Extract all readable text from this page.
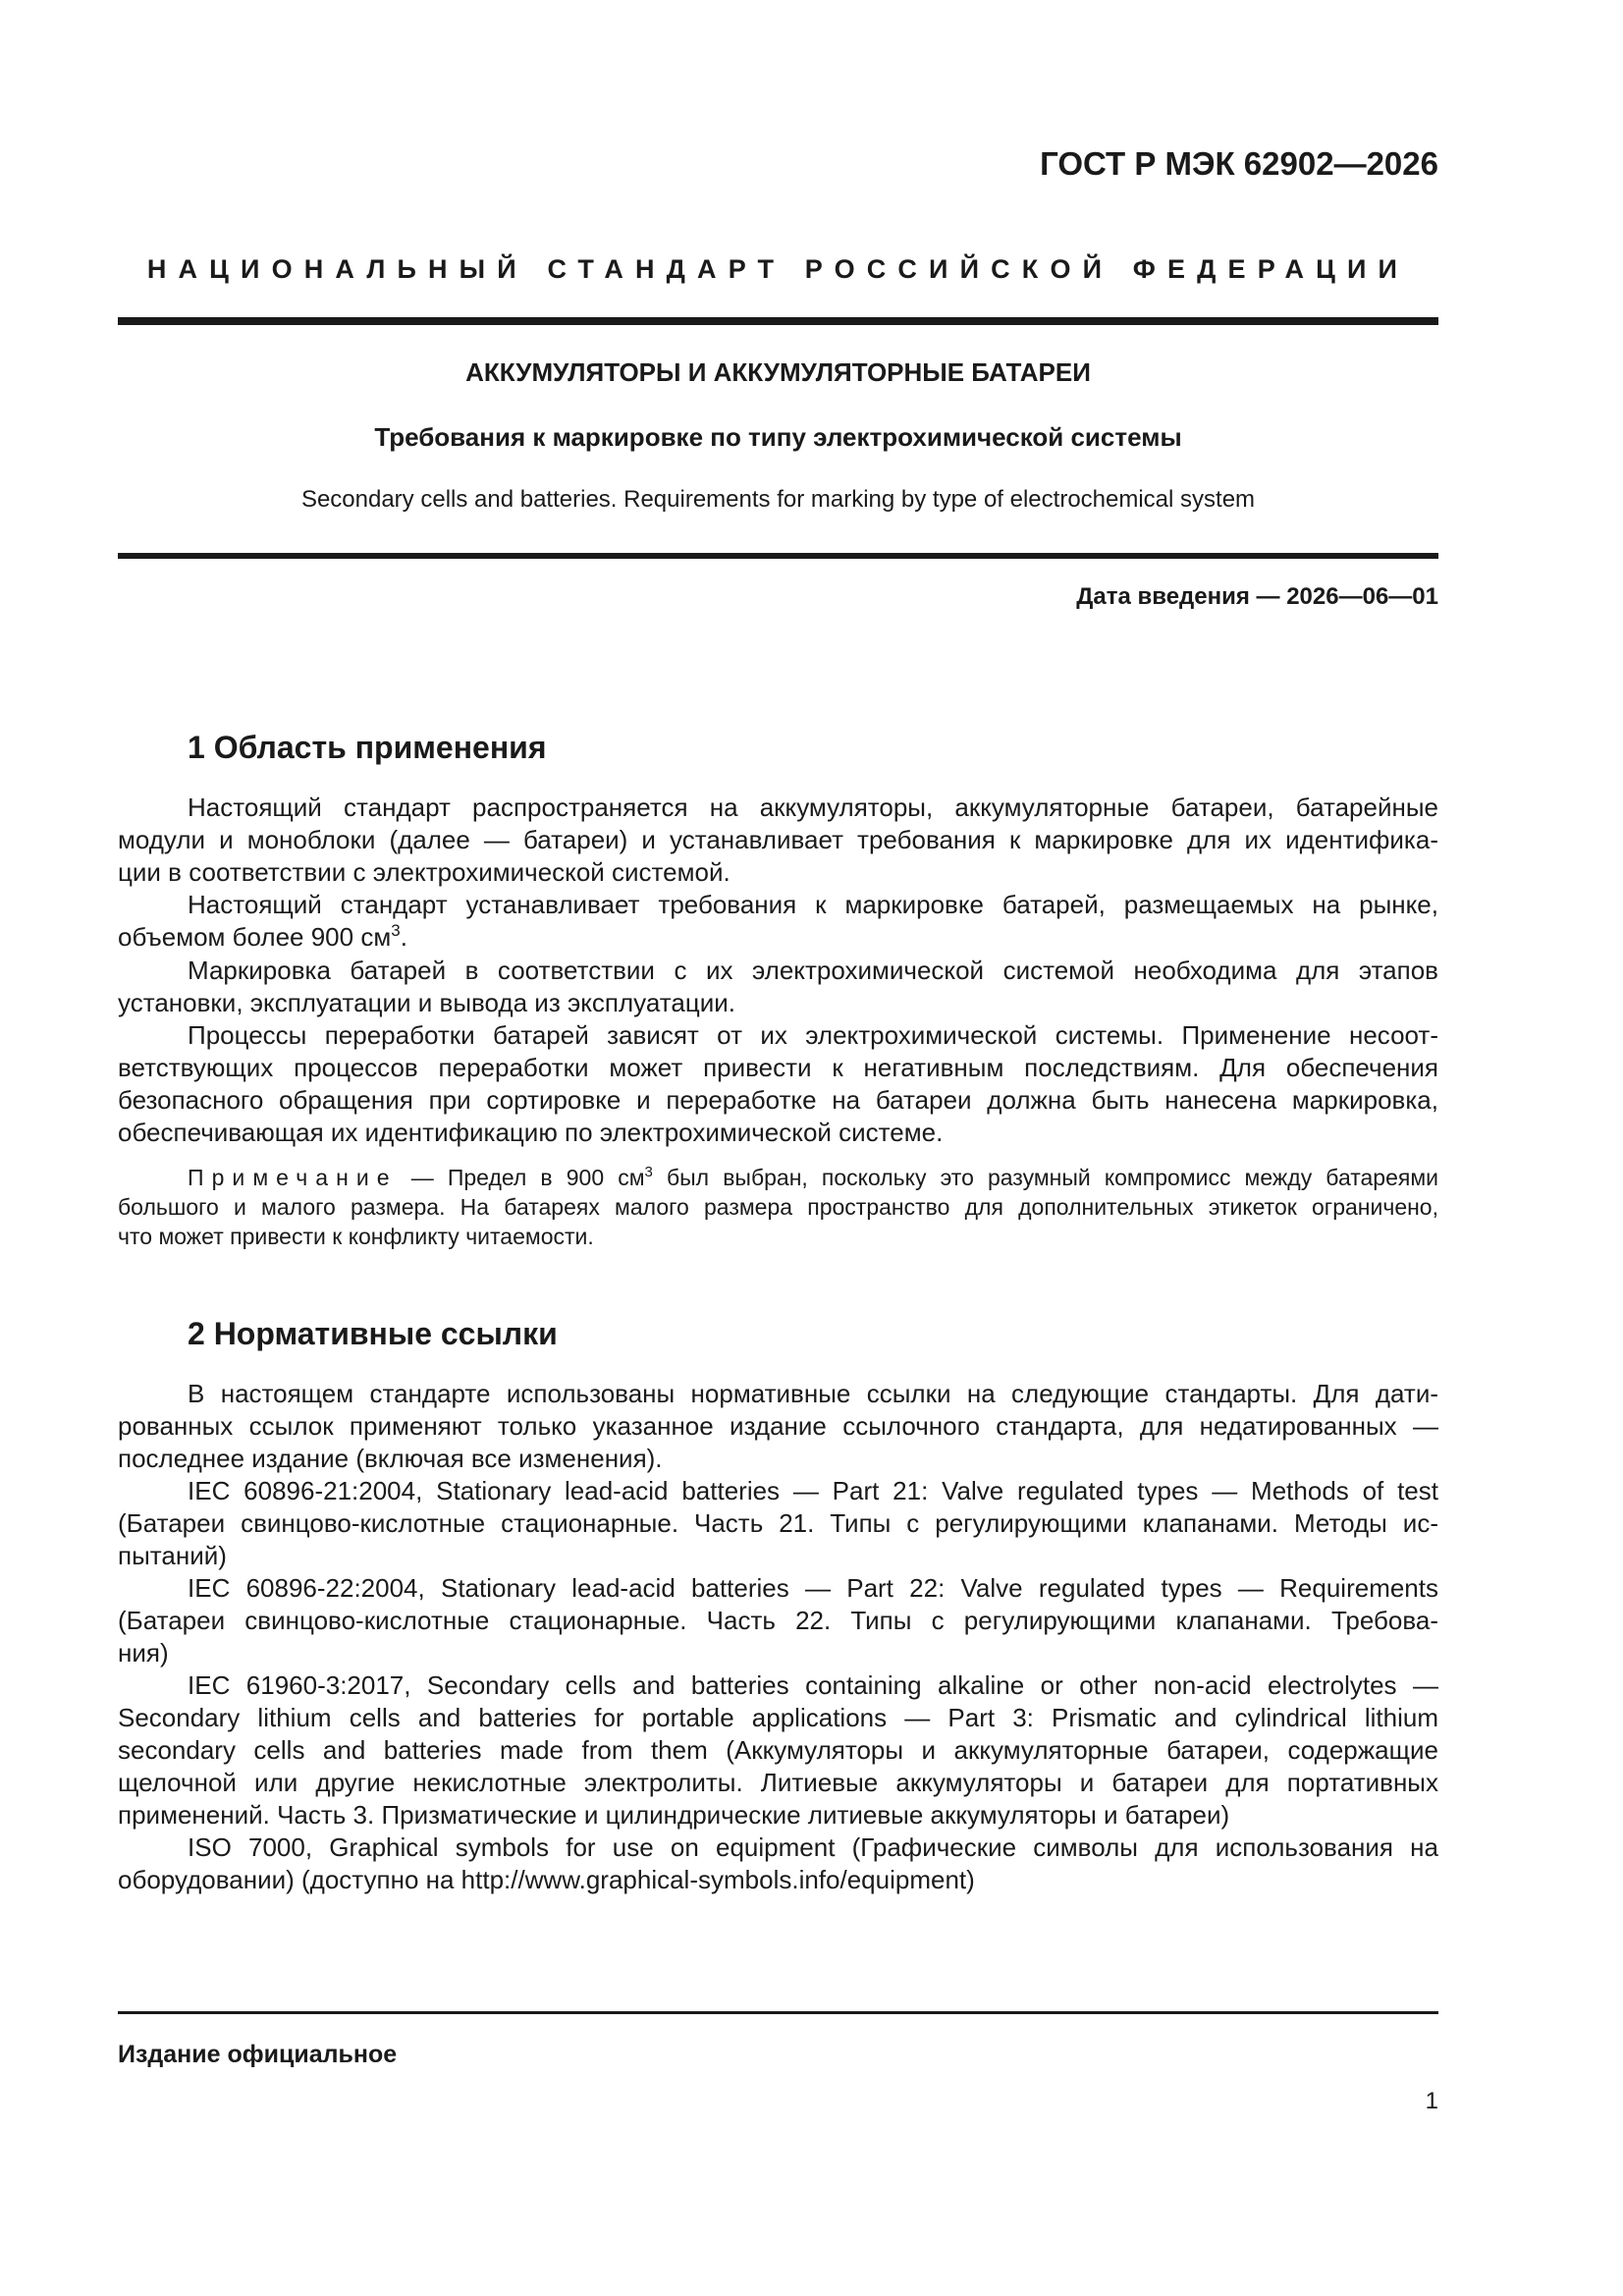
ГОСТ Р МЭК 62902—2026
НАЦИОНАЛЬНЫЙ СТАНДАРТ РОССИЙСКОЙ ФЕДЕРАЦИИ
АККУМУЛЯТОРЫ И АККУМУЛЯТОРНЫЕ БАТАРЕИ
Требования к маркировке по типу электрохимической системы
Secondary cells and batteries. Requirements for marking by type of electrochemical system
Дата введения — 2026—06—01
1 Область применения
Настоящий стандарт распространяется на аккумуляторы, аккумуляторные батареи, батарейные
модули и моноблоки (далее — батареи) и устанавливает требования к маркировке для их идентифика-
ции в соответствии с электрохимической системой.
Настоящий стандарт устанавливает требования к маркировке батарей, размещаемых на рынке,
объемом более 900 $см^3$.
Маркировка батарей в соответствии с их электрохимической системой необходима для этапов
установки, эксплуатации и вывода из эксплуатации.
Процессы переработки батарей зависят от их электрохимической системы. Применение несоот-
ветствующих процессов переработки может привести к негативным последствиям. Для обеспечения
безопасного обращения при сортировке и переработке на батареи должна быть нанесена маркировка,
обеспечивающая их идентификацию по электрохимической системе.
Примечание — Предел в 900 $см^3$ был выбран, поскольку это разумный компромисс между батареями
большого и малого размера. На батареях малого размера пространство для дополнительных этикеток ограничено,
что может привести к конфликту читаемости.
2 Нормативные ссылки
В настоящем стандарте использованы нормативные ссылки на следующие стандарты. Для дати-
рованных ссылок применяют только указанное издание ссылочного стандарта, для недатированных —
последнее издание (включая все изменения).
IEC 60896-21:2004, Stationary lead-acid batteries — Part 21: Valve regulated types — Methods of test
(Батареи свинцово-кислотные стационарные. Часть 21. Типы с регулирующими клапанами. Методы ис-
пытаний)
IEC 60896-22:2004, Stationary lead-acid batteries — Part 22: Valve regulated types — Requirements
(Батареи свинцово-кислотные стационарные. Часть 22. Типы с регулирующими клапанами. Требова-
ния)
IEC 61960-3:2017, Secondary cells and batteries containing alkaline or other non-acid electrolytes —
Secondary lithium cells and batteries for portable applications — Part 3: Prismatic and cylindrical lithium
secondary cells and batteries made from them (Аккумуляторы и аккумуляторные батареи, содержащие
щелочной или другие некислотные электролиты. Литиевые аккумуляторы и батареи для портативных
применений. Часть 3. Призматические и цилиндрические литиевые аккумуляторы и батареи)
ISO 7000, Graphical symbols for use on equipment (Графические символы для использования на
оборудовании) (доступно на http://www.graphical-symbols.info/equipment)
Издание официальное
1
